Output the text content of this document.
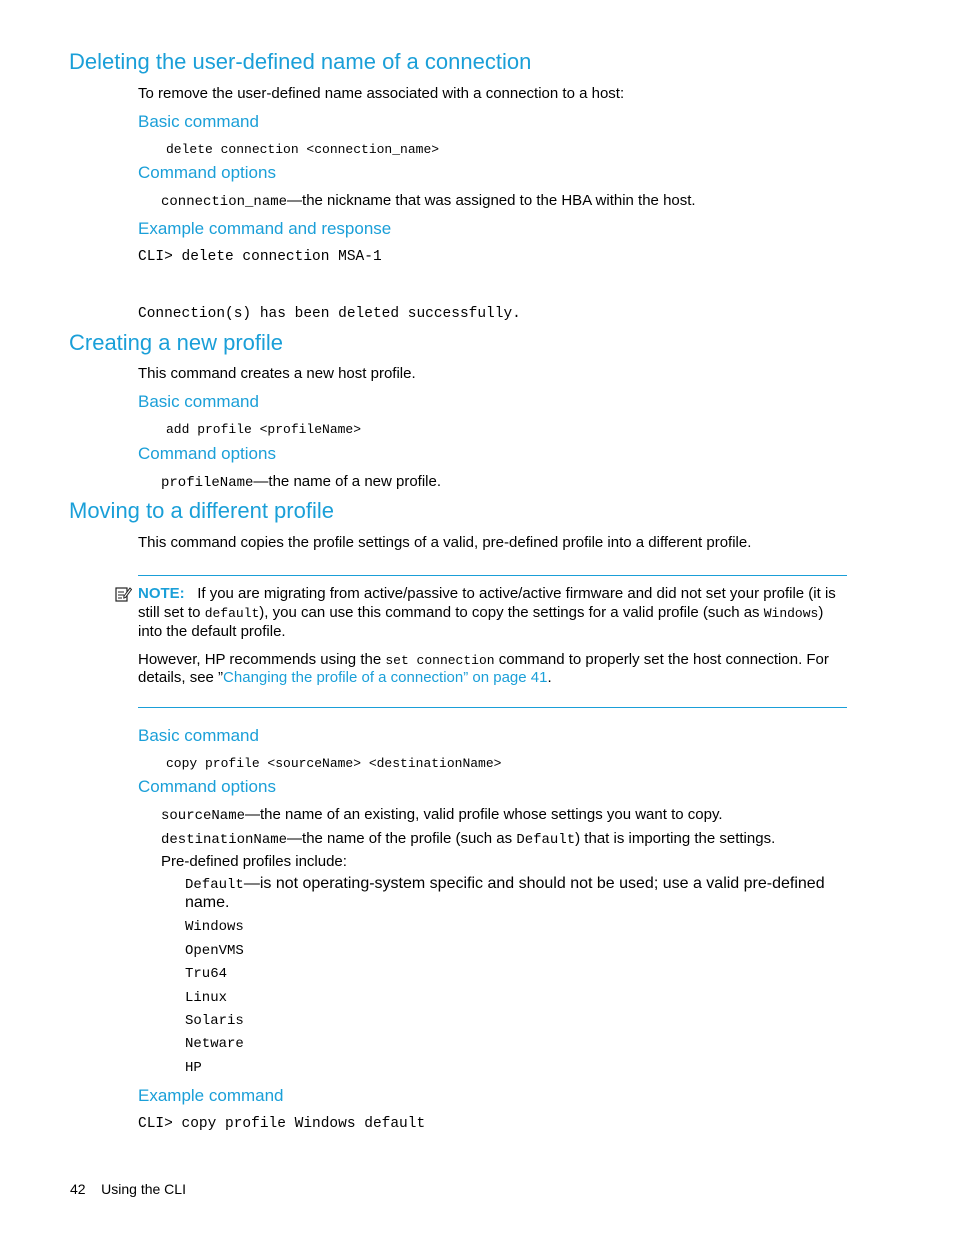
Deleting the user-defined name of a connection
To remove the user-defined name associated with a connection to a host:
Basic command
delete connection <connection_name>
Command options
connection_name—the nickname that was assigned to the HBA within the host.
Example command and response
CLI> delete connection MSA-1
Connection(s) has been deleted successfully.
Creating a new profile
This command creates a new host profile.
Basic command
add profile <profileName>
Command options
profileName—the name of a new profile.
Moving to a different profile
This command copies the profile settings of a valid, pre-defined profile into a different profile.
NOTE: If you are migrating from active/passive to active/active firmware and did not set your profile (it is
still set to default), you can use this command to copy the settings for a valid profile (such as Windows)
into the default profile.
However, HP recommends using the set connection command to properly set the host connection. For
details, see ”Changing the profile of a connection” on page 41.
Basic command
copy profile <sourceName> <destinationName>
Command options
sourceName—the name of an existing, valid profile whose settings you want to copy.
destinationName—the name of the profile (such as Default) that is importing the settings.
Pre-defined profiles include:
Default—is not operating-system specific and should not be used; use a valid pre-defined
name.
Windows
OpenVMS
Tru64
Linux
Solaris
Netware
HP
Example command
CLI> copy profile Windows default
42 Using the CLI
